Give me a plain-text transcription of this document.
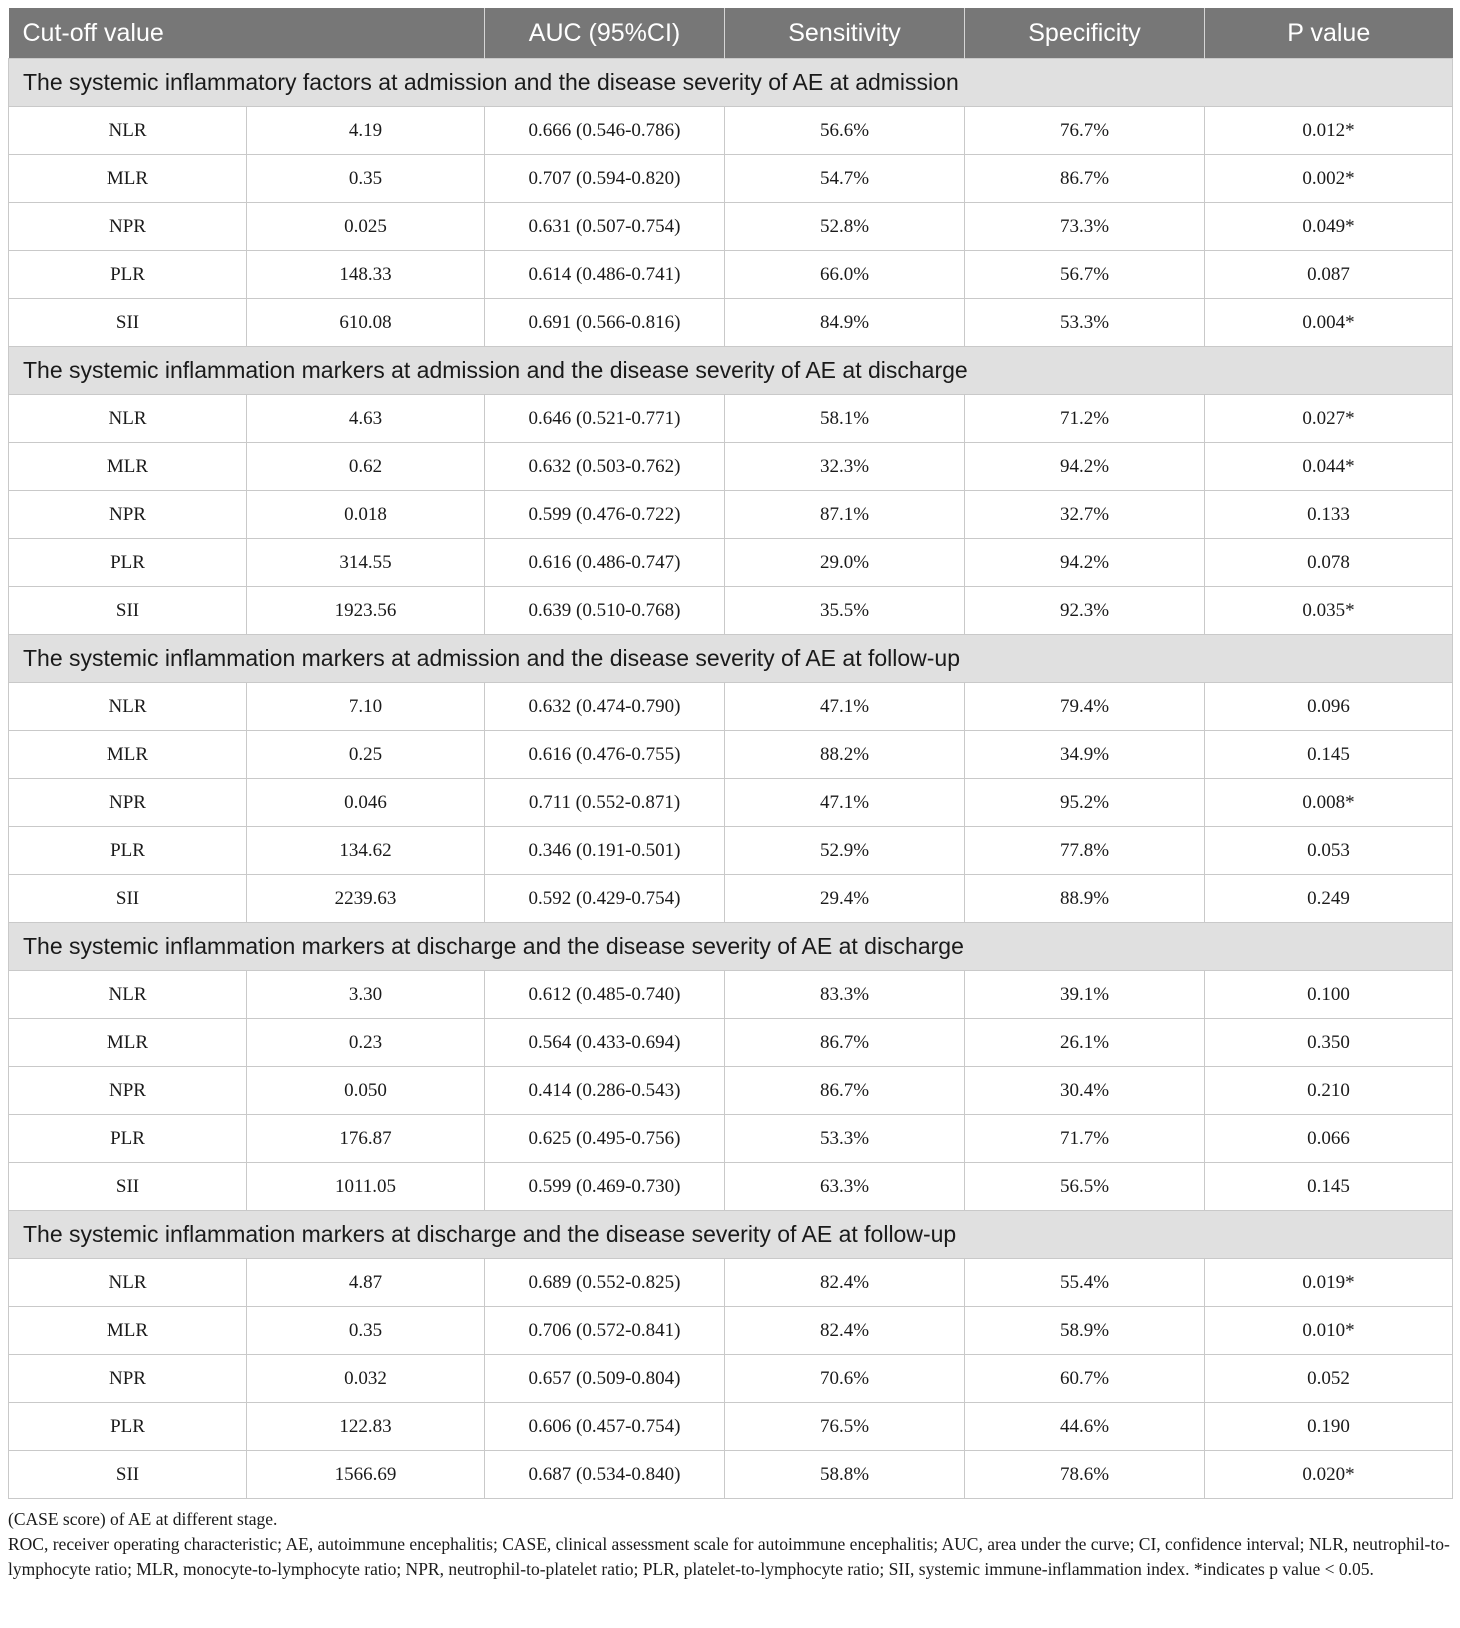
Cut-off value		AUC (95%CI)	Sensitivity	Specificity	P value
The systemic inflammatory factors at admission and the disease severity of AE at admission					
NLR	4.19	0.666 (0.546-0.786)	56.6%	76.7%	0.012*
MLR	0.35	0.707 (0.594-0.820)	54.7%	86.7%	0.002*
NPR	0.025	0.631 (0.507-0.754)	52.8%	73.3%	0.049*
PLR	148.33	0.614 (0.486-0.741)	66.0%	56.7%	0.087
SII	610.08	0.691 (0.566-0.816)	84.9%	53.3%	0.004*
The systemic inflammation markers at admission and the disease severity of AE at discharge					
NLR	4.63	0.646 (0.521-0.771)	58.1%	71.2%	0.027*
MLR	0.62	0.632 (0.503-0.762)	32.3%	94.2%	0.044*
NPR	0.018	0.599 (0.476-0.722)	87.1%	32.7%	0.133
PLR	314.55	0.616 (0.486-0.747)	29.0%	94.2%	0.078
SII	1923.56	0.639 (0.510-0.768)	35.5%	92.3%	0.035*
The systemic inflammation markers at admission and the disease severity of AE at follow-up					
NLR	7.10	0.632 (0.474-0.790)	47.1%	79.4%	0.096
MLR	0.25	0.616 (0.476-0.755)	88.2%	34.9%	0.145
NPR	0.046	0.711 (0.552-0.871)	47.1%	95.2%	0.008*
PLR	134.62	0.346 (0.191-0.501)	52.9%	77.8%	0.053
SII	2239.63	0.592 (0.429-0.754)	29.4%	88.9%	0.249
The systemic inflammation markers at discharge and the disease severity of AE at discharge					
NLR	3.30	0.612 (0.485-0.740)	83.3%	39.1%	0.100
MLR	0.23	0.564 (0.433-0.694)	86.7%	26.1%	0.350
NPR	0.050	0.414 (0.286-0.543)	86.7%	30.4%	0.210
PLR	176.87	0.625 (0.495-0.756)	53.3%	71.7%	0.066
SII	1011.05	0.599 (0.469-0.730)	63.3%	56.5%	0.145
The systemic inflammation markers at discharge and the disease severity of AE at follow-up					
NLR	4.87	0.689 (0.552-0.825)	82.4%	55.4%	0.019*
MLR	0.35	0.706 (0.572-0.841)	82.4%	58.9%	0.010*
NPR	0.032	0.657 (0.509-0.804)	70.6%	60.7%	0.052
PLR	122.83	0.606 (0.457-0.754)	76.5%	44.6%	0.190
SII	1566.69	0.687 (0.534-0.840)	58.8%	78.6%	0.020*

(CASE score) of AE at different stage.

ROC, receiver operating characteristic; AE, autoimmune encephalitis; CASE, clinical assessment scale for autoimmune encephalitis; AUC, area under the curve; CI, confidence interval; NLR, neutrophil-to-lymphocyte ratio; MLR, monocyte-to-lymphocyte ratio; NPR, neutrophil-to-platelet ratio; PLR, platelet-to-lymphocyte ratio; SII, systemic immune-inflammation index. *indicates p value < 0.05.
